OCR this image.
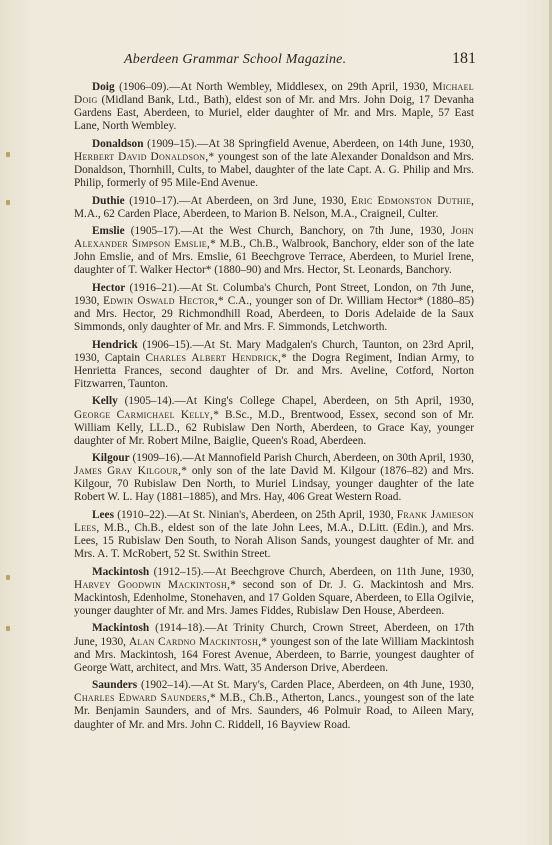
Aberdeen Grammar School Magazine.	181

Doig (1906–09).—At North Wembley, Middlesex, on 29th April, 1930, Michael Doig (Midland Bank, Ltd., Bath), eldest son of Mr. and Mrs. John Doig, 17 Devanha Gardens East, Aberdeen, to Muriel, elder daughter of Mr. and Mrs. Maple, 57 East Lane, North Wembley.

Donaldson (1909–15).—At 38 Springfield Avenue, Aberdeen, on 14th June, 1930, Herbert David Donaldson,* youngest son of the late Alexander Donaldson and Mrs. Donaldson, Thornhill, Cults, to Mabel, daughter of the late Capt. A. G. Philip and Mrs. Philip, formerly of 95 Mile-End Avenue.

Duthie (1910–17).—At Aberdeen, on 3rd June, 1930, Eric Edmonston Duthie, M.A., 62 Carden Place, Aberdeen, to Marion B. Nelson, M.A., Craigneil, Culter.

Emslie (1905–17).—At the West Church, Banchory, on 7th June, 1930, John Alexander Simpson Emslie,* M.B., Ch.B., Walbrook, Banchory, elder son of the late John Emslie, and of Mrs. Emslie, 61 Beechgrove Terrace, Aberdeen, to Muriel Irene, daughter of T. Walker Hector* (1880–90) and Mrs. Hector, St. Leonards, Banchory.

Hector (1916–21).—At St. Columba's Church, Pont Street, London, on 7th June, 1930, Edwin Oswald Hector,* C.A., younger son of Dr. William Hector* (1880–85) and Mrs. Hector, 29 Richmondhill Road, Aberdeen, to Doris Adelaide de la Saux Simmonds, only daughter of Mr. and Mrs. F. Simmonds, Letchworth.

Hendrick (1906–15).—At St. Mary Madgalen's Church, Taunton, on 23rd April, 1930, Captain Charles Albert Hendrick,* the Dogra Regiment, Indian Army, to Henrietta Frances, second daughter of Dr. and Mrs. Aveline, Cotford, Norton Fitzwarren, Taunton.

Kelly (1905–14).—At King's College Chapel, Aberdeen, on 5th April, 1930, George Carmichael Kelly,* B.Sc., M.D., Brentwood, Essex, second son of Mr. William Kelly, LL.D., 62 Rubislaw Den North, Aberdeen, to Grace Kay, younger daughter of Mr. Robert Milne, Baiglie, Queen's Road, Aberdeen.

Kilgour (1909–16).—At Mannofield Parish Church, Aberdeen, on 30th April, 1930, James Gray Kilgour,* only son of the late David M. Kilgour (1876–82) and Mrs. Kilgour, 70 Rubislaw Den North, to Muriel Lindsay, younger daughter of the late Robert W. L. Hay (1881–1885), and Mrs. Hay, 406 Great Western Road.

Lees (1910–22).—At St. Ninian's, Aberdeen, on 25th April, 1930, Frank Jamieson Lees, M.B., Ch.B., eldest son of the late John Lees, M.A., D.Litt. (Edin.), and Mrs. Lees, 15 Rubislaw Den South, to Norah Alison Sands, youngest daughter of Mr. and Mrs. A. T. McRobert, 52 St. Swithin Street.

Mackintosh (1912–15).—At Beechgrove Church, Aberdeen, on 11th June, 1930, Harvey Goodwin Mackintosh,* second son of Dr. J. G. Mackintosh and Mrs. Mackintosh, Edenholme, Stonehaven, and 17 Golden Square, Aberdeen, to Ella Ogilvie, younger daughter of Mr. and Mrs. James Fiddes, Rubislaw Den House, Aberdeen.

Mackintosh (1914–18).—At Trinity Church, Crown Street, Aberdeen, on 17th June, 1930, Alan Cardno Mackintosh,* youngest son of the late William Mackintosh and Mrs. Mackintosh, 164 Forest Avenue, Aberdeen, to Barrie, youngest daughter of George Watt, architect, and Mrs. Watt, 35 Anderson Drive, Aberdeen.

Saunders (1902–14).—At St. Mary's, Carden Place, Aberdeen, on 4th June, 1930, Charles Edward Saunders,* M.B., Ch.B., Atherton, Lancs., youngest son of the late Mr. Benjamin Saunders, and of Mrs. Saunders, 46 Polmuir Road, to Aileen Mary, daughter of Mr. and Mrs. John C. Riddell, 16 Bayview Road.
